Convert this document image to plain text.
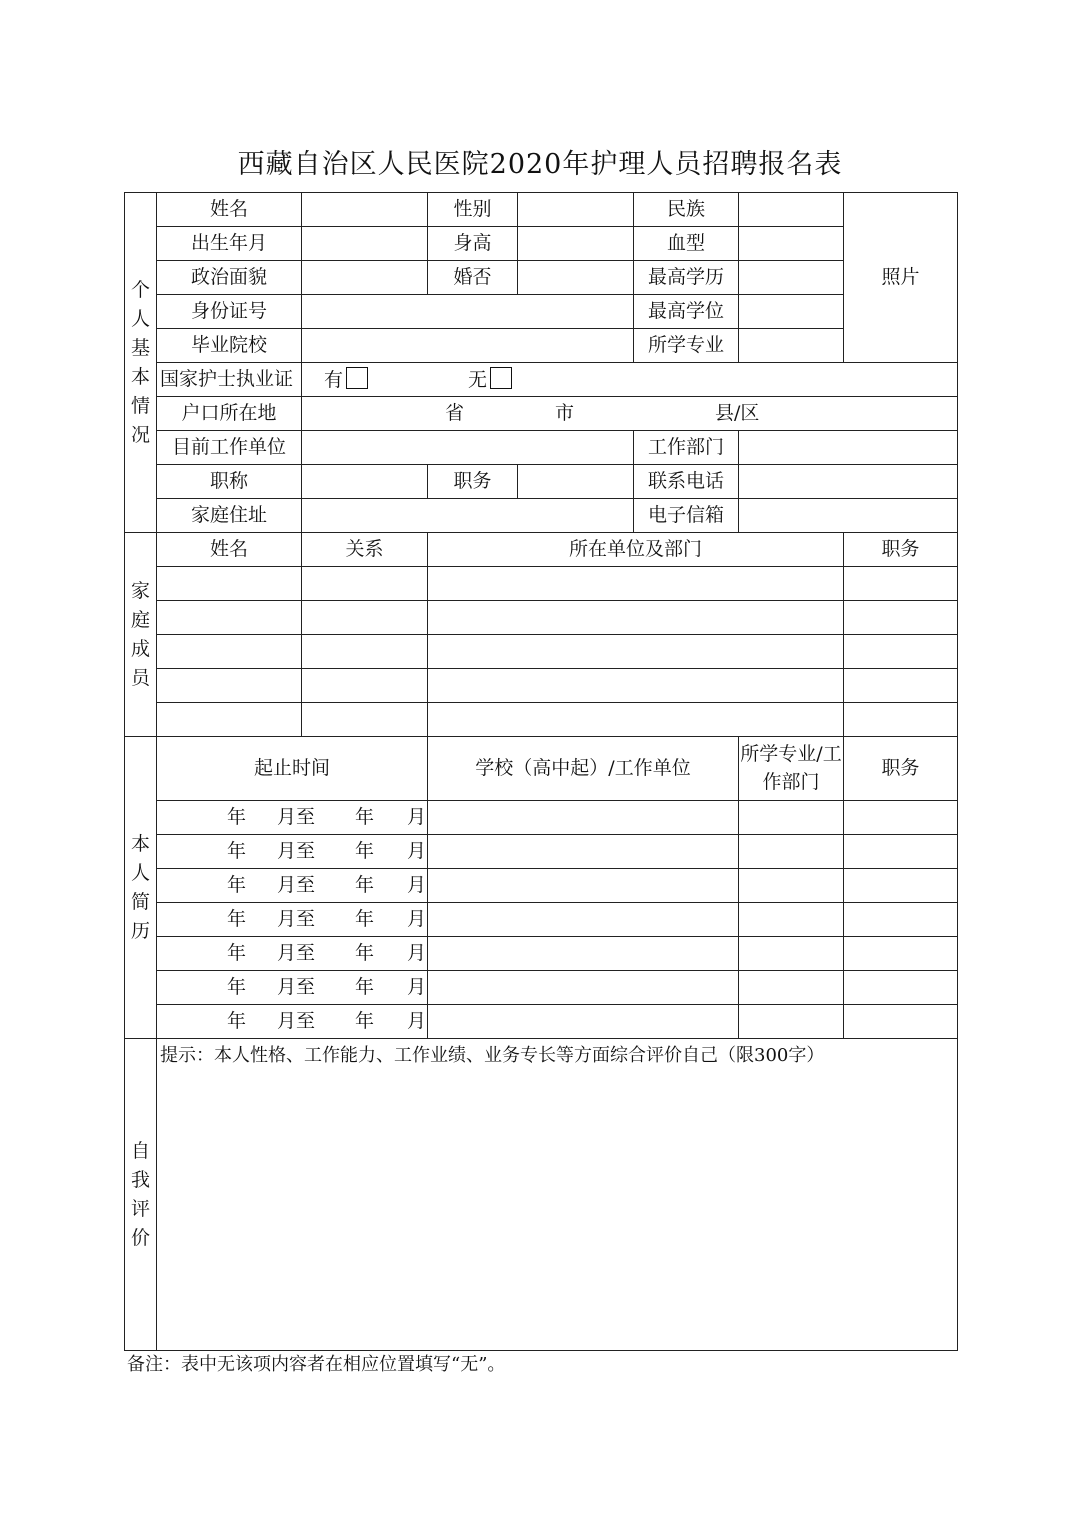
西藏自治区人民医院2020年护理人员招聘报名表
个人基本情况	姓名		性别		民族		照片
	出生年月		身高		血型		
	政治面貌		婚否		最高学历		
	身份证号				最高学位		
	毕业院校				所学专业		
	国家护士执业证	有 无					
	户口所在地	省 市 县/区					
	目前工作单位				工作部门		
	职称		职务		联系电话		
	家庭住址				电子信箱		
家庭成员	姓名	关系	所在单位及部门				职务

本人简历	起止时间		学校（高中起）/工作单位			所学专业/工作部门	职务
	年 月至 年 月						
	年 月至 年 月						
	年 月至 年 月						
	年 月至 年 月						
	年 月至 年 月						
	年 月至 年 月						
	年 月至 年 月						
自我评价	提示：本人性格、工作能力、工作业绩、业务专长等方面综合评价自己（限300字）						
备注：表中无该项内容者在相应位置填写“无”。
